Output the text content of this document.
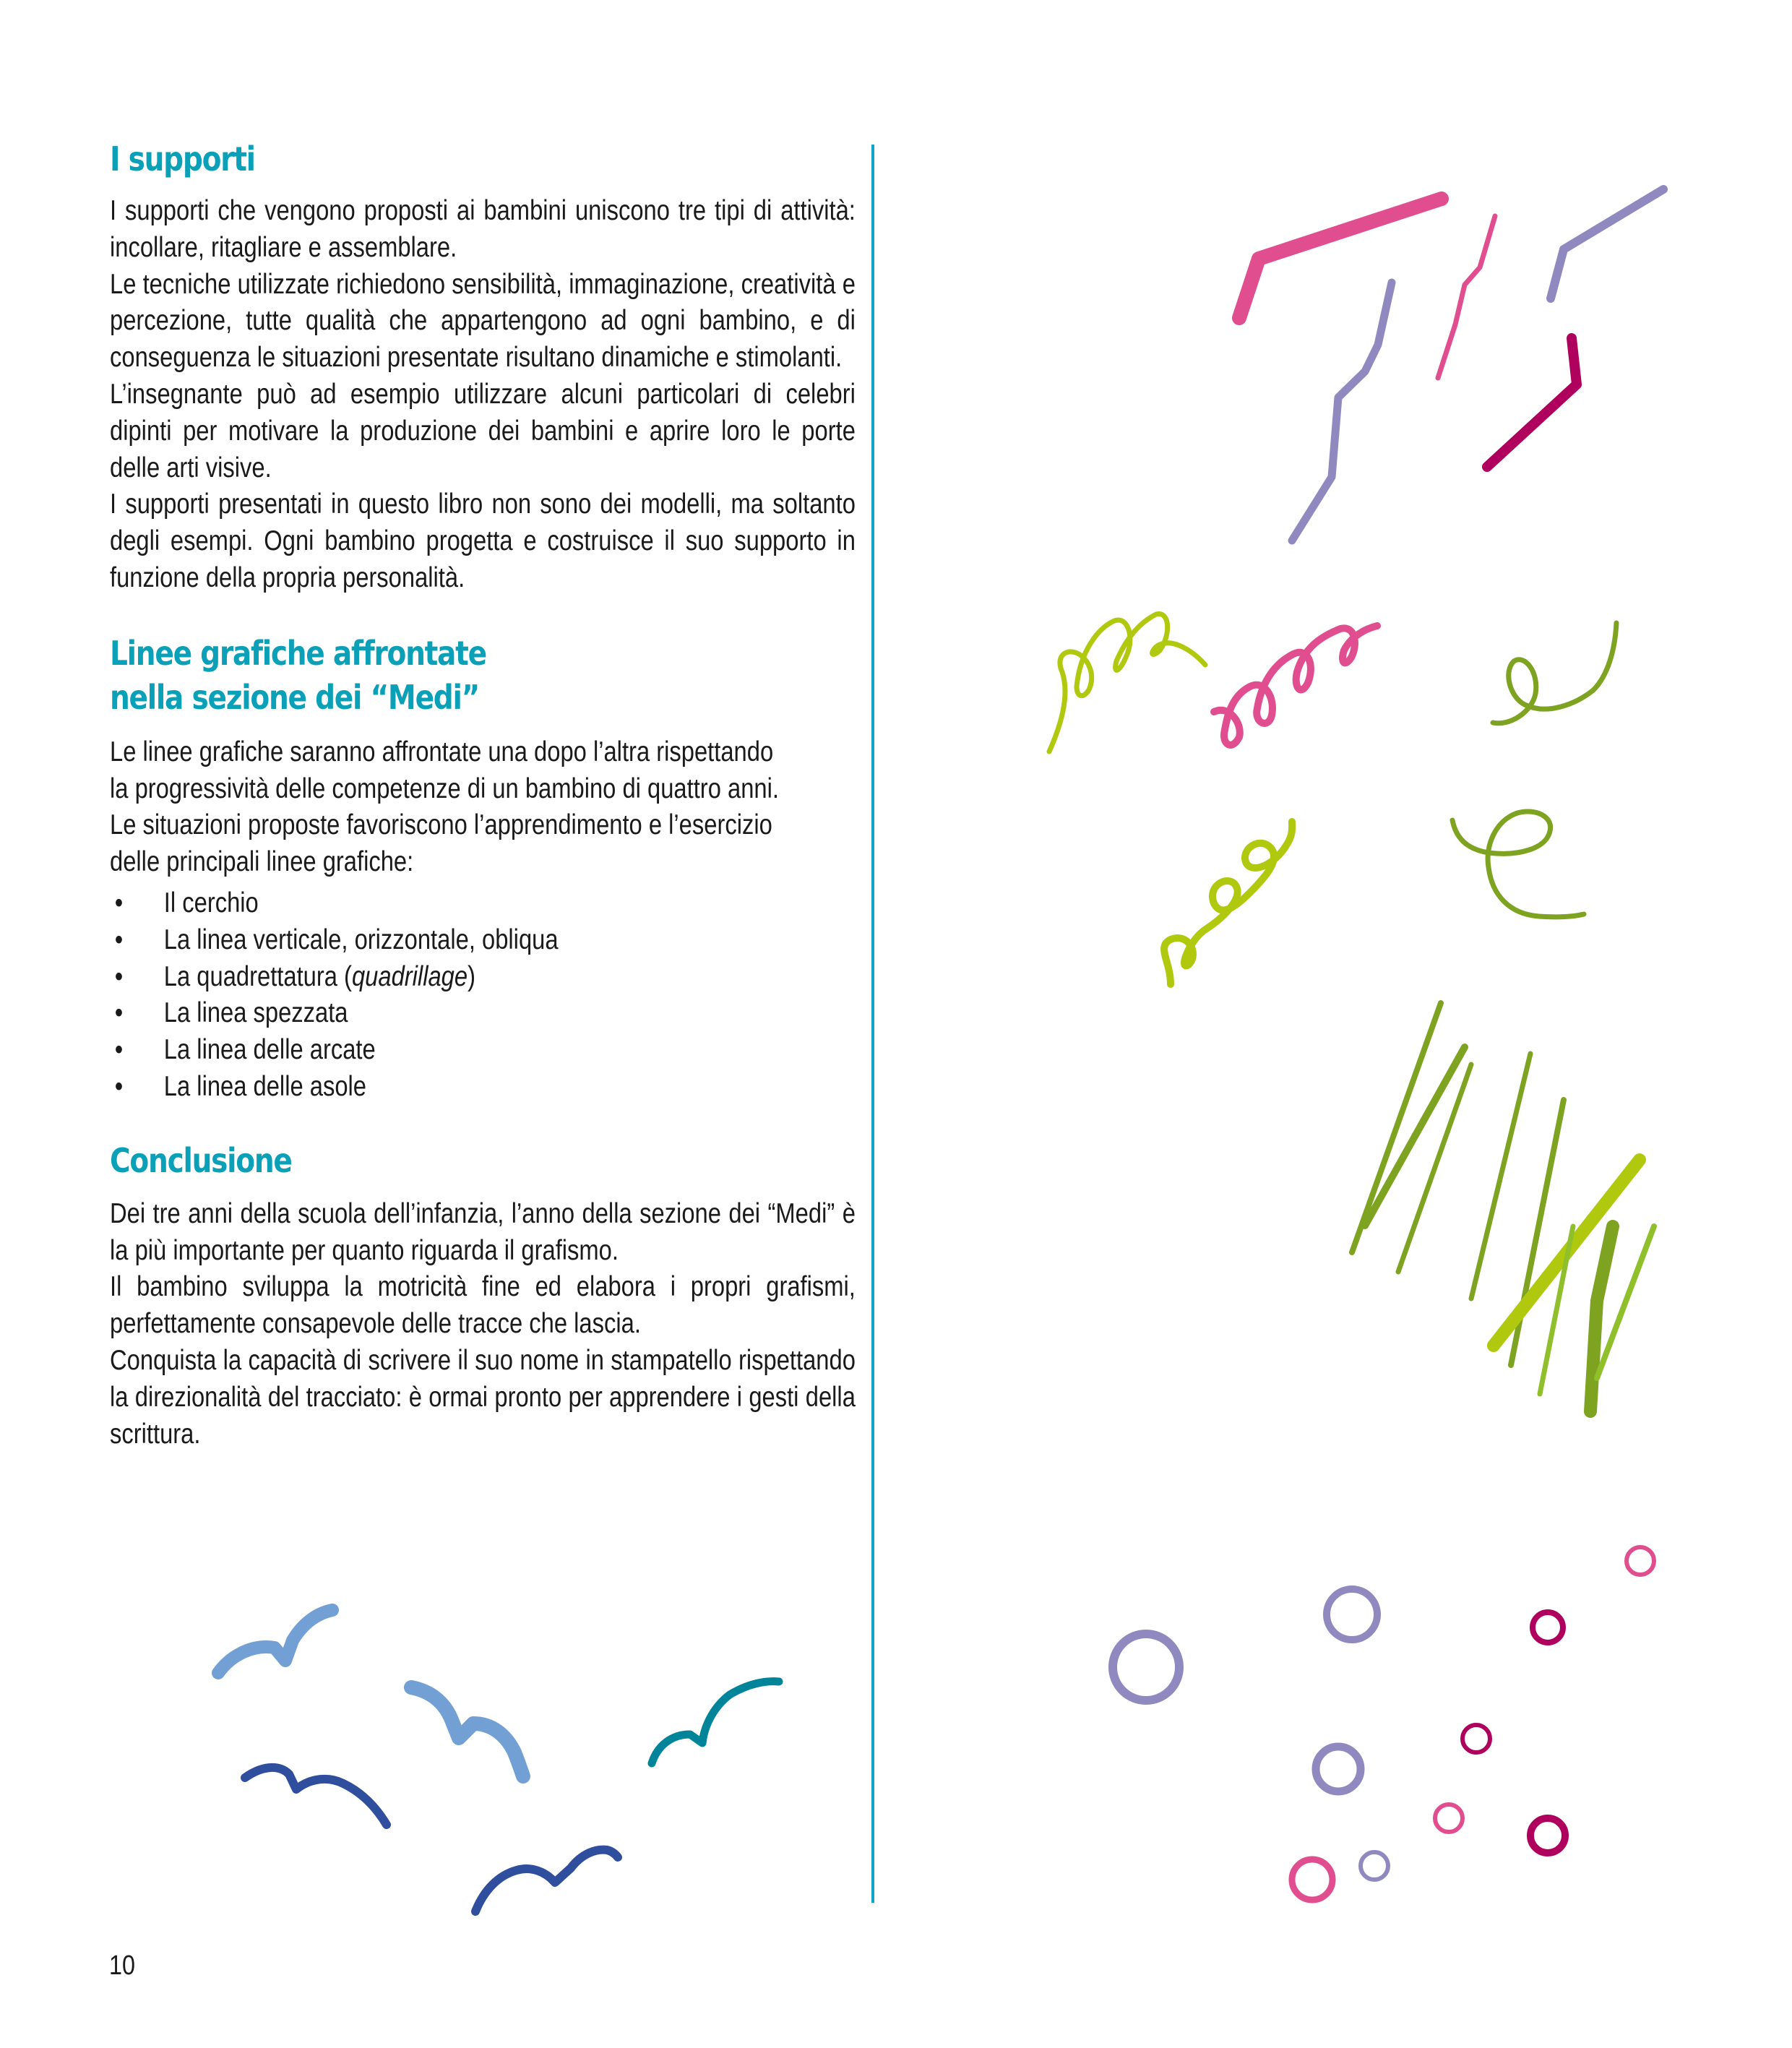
I supporti

I supporti che vengono proposti ai bambini uniscono tre tipi di attività: incollare, ritagliare e assemblare.

Le tecniche utilizzate richiedono sensibilità, immaginazione, creatività e percezione, tutte qualità che appartengono ad ogni bambino, e di conseguenza le situazioni presentate risultano dinamiche e stimolanti.

L’insegnante può ad esempio utilizzare alcuni particolari di celebri dipinti per motivare la produzione dei bambini e aprire loro le porte delle arti visive.

I supporti presentati in questo libro non sono dei modelli, ma soltanto degli esempi. Ogni bambino progetta e costruisce il suo supporto in funzione della propria personalità.

Linee grafiche affrontate
nella sezione dei “Medi”

Le linee grafiche saranno affrontate una dopo l’altra rispettando
la progressività delle competenze di un bambino di quattro anni.
Le situazioni proposte favoriscono l’apprendimento e l’esercizio
delle principali linee grafiche:

• Il cerchio
• La linea verticale, orizzontale, obliqua
• La quadrettatura (quadrillage)
• La linea spezzata
• La linea delle arcate
• La linea delle asole
Conclusione

Dei tre anni della scuola dell’infanzia, l’anno della sezione dei “Medi” è la più importante per quanto riguarda il grafismo.

Il bambino sviluppa la motricità fine ed elabora i propri grafismi, perfettamente consapevole delle tracce che lascia.

Conquista la capacità di scrivere il suo nome in stampatello rispettando la direzionalità del tracciato: è ormai pronto per apprendere i gesti della scrittura.

10
